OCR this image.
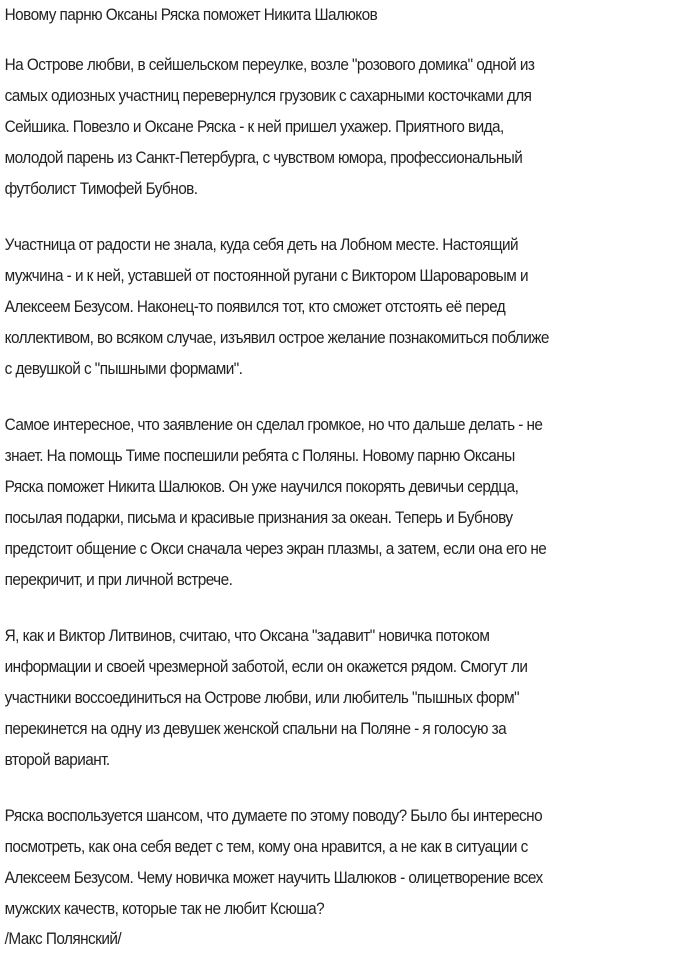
Новому парню Оксаны Ряска поможет Никита Шалюков

На Острове любви, в сейшельском переулке, возле "розового домика" одной из
самых одиозных участниц перевернулся грузовик с сахарными косточками для
Сейшика. Повезло и Оксане Ряска - к ней пришел ухажер. Приятного вида,
молодой парень из Санкт-Петербурга, с чувством юмора, профессиональный
футболист Тимофей Бубнов.

Участница от радости не знала, куда себя деть на Лобном месте. Настоящий
мужчина - и к ней, уставшей от постоянной ругани с Виктором Шароваровым и
Алексеем Безусом. Наконец-то появился тот, кто сможет отстоять её перед
коллективом, во всяком случае, изъявил острое желание познакомиться поближе
с девушкой с "пышными формами".

Самое интересное, что заявление он сделал громкое, но что дальше делать - не
знает. На помощь Тиме поспешили ребята с Поляны. Новому парню Оксаны
Ряска поможет Никита Шалюков. Он уже научился покорять девичьи сердца,
посылая подарки, письма и красивые признания за океан. Теперь и Бубнову
предстоит общение с Окси сначала через экран плазмы, а затем, если она его не
перекричит, и при личной встрече.

Я, как и Виктор Литвинов, считаю, что Оксана "задавит" новичка потоком
информации и своей чрезмерной заботой, если он окажется рядом. Смогут ли
участники воссоединиться на Острове любви, или любитель "пышных форм"
перекинется на одну из девушек женской спальни на Поляне - я голосую за
второй вариант.

Ряска воспользуется шансом, что думаете по этому поводу? Было бы интересно
посмотреть, как она себя ведет с тем, кому она нравится, а не как в ситуации с
Алексеем Безусом. Чему новичка может научить Шалюков - олицетворение всех
мужских качеств, которые так не любит Ксюша?

/Макс Полянский/
